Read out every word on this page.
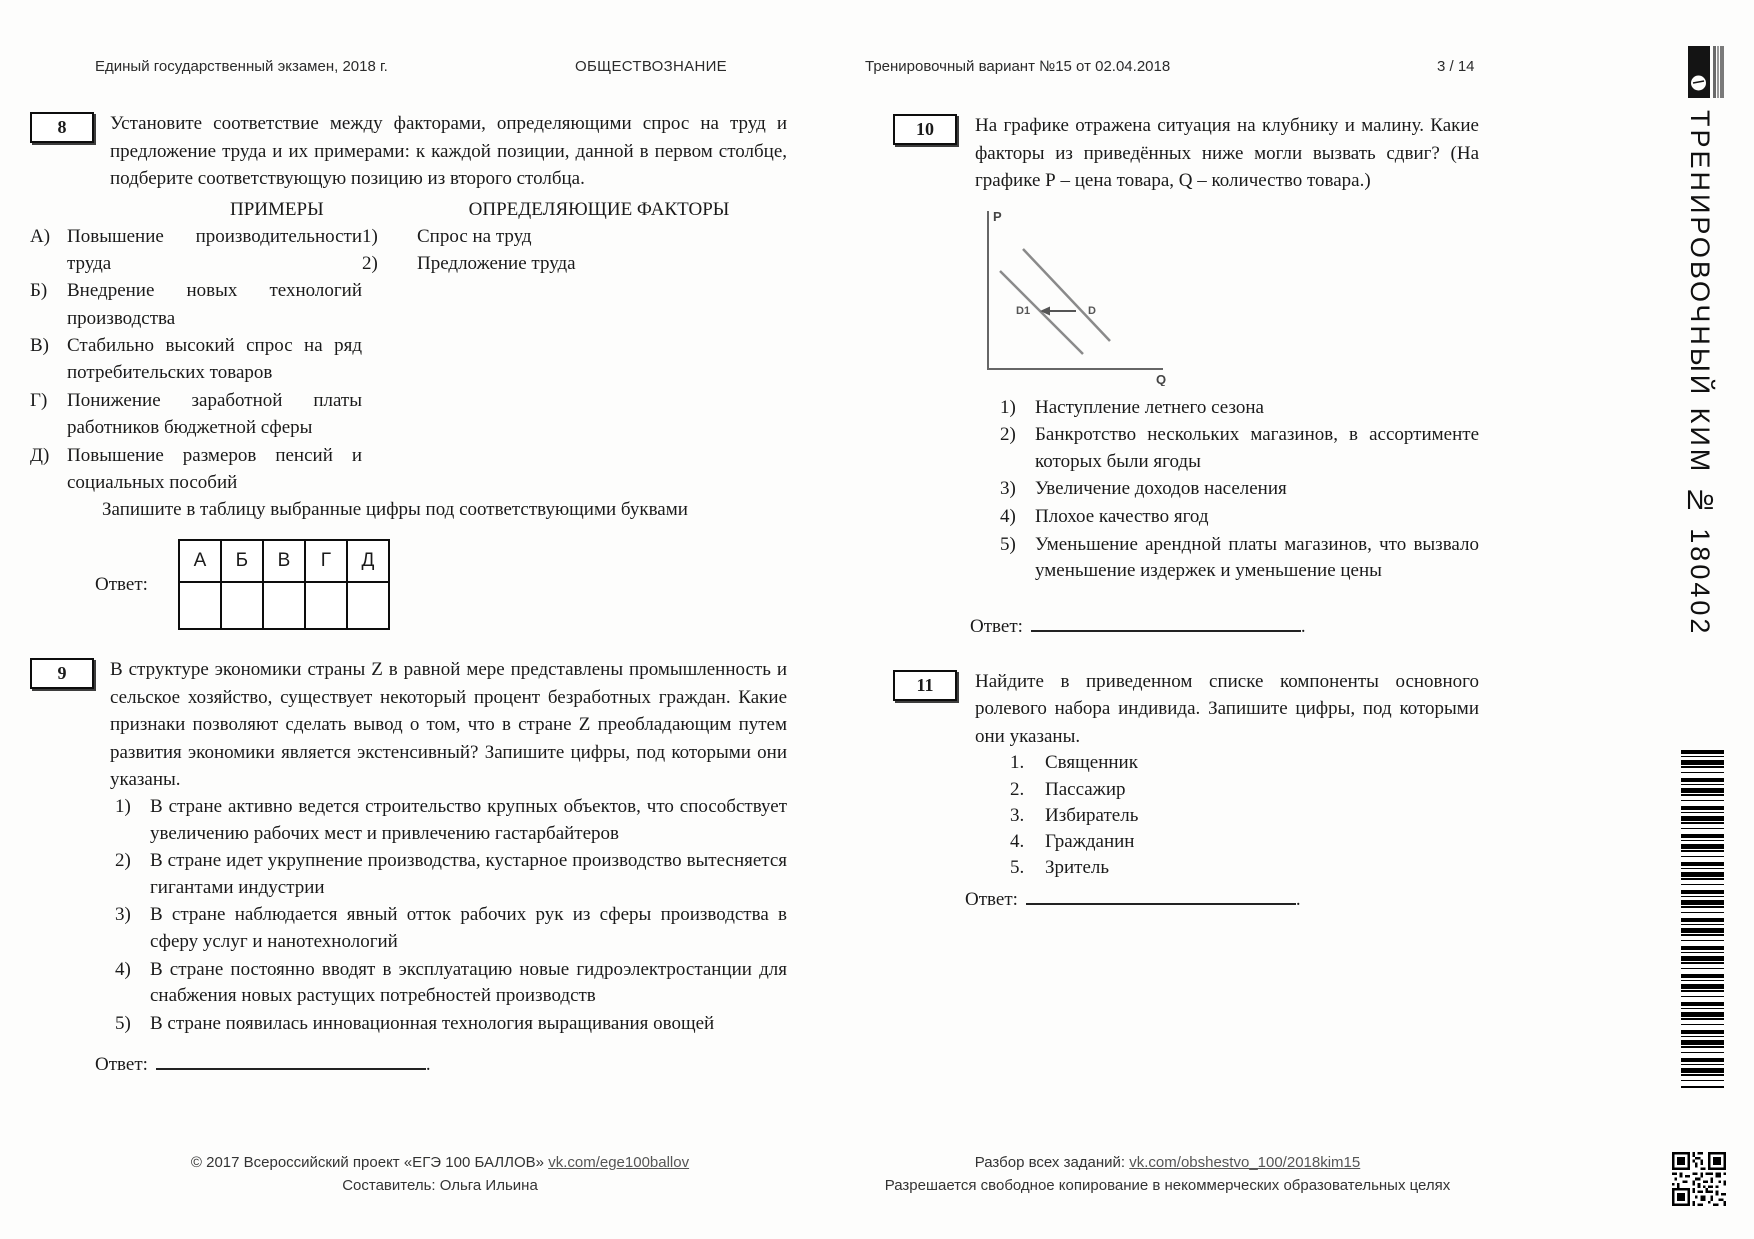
Единый государственный экзамен, 2018 г.	ОБЩЕСТВОЗНАНИЕ	Тренировочный вариант №15 от 02.04.2018	3 / 14
8 Установите соответствие между факторами, определяющими спрос на труд и предложение труда и их примерами: к каждой позиции, данной в первом столбце, подберите соответствующую позицию из второго столбца.

ПРИМЕРЫ	ОПРЕДЕЛЯЮЩИЕ ФАКТОРЫ
А) Повышение производительности труда
Б)	Внедрение новых технологий производства
В) Стабильно высокий спрос на ряд потребительских товаров
Г)	Понижение заработной платы работников бюджетной сферы
Д) Повышение размеров пенсий и социальных пособий
1)	Спрос на труд
2)	Предложение труда

Запишите в таблицу выбранные цифры под соответствующими буквами

Ответ:
А	Б	В	Г	Д

9 В структуре экономики страны Z в равной мере представлены промышленность и сельское хозяйство, существует некоторый процент безработных граждан. Какие признаки позволяют сделать вывод о том, что в стране Z преобладающим путем развития экономики является экстенсивный? Запишите цифры, под которыми они указаны.

1)	В стране активно ведется строительство крупных объектов, что способствует увеличению рабочих мест и привлечению гастарбайтеров
2)	В стране идет укрупнение производства, кустарное производство вытесняется гигантами индустрии
3)	В стране наблюдается явный отток рабочих рук из сферы производства в сферу услуг и нанотехнологий
4)	В стране постоянно вводят в эксплуатацию новые гидроэлектростанции для снабжения новых растущих потребностей производств
5)	В стране появилась инновационная технология выращивания овощей
Ответ:	.
10 На графике отражена ситуация на клубнику и малину. Какие факторы из приведённых ниже могли вызвать сдвиг? (На графике Р – цена товара, Q – количество товара.)

P
Q
D1	D
1)	Наступление летнего сезона
2)	Банкротство нескольких магазинов, в ассортименте которых были ягоды
3)	Увеличение доходов населения
4)	Плохое качество ягод
5)	Уменьшение арендной платы магазинов, что вызвало уменьшение издержек и уменьшение цены
Ответ:	.
11 Найдите в приведенном списке компоненты основного ролевого набора индивида. Запишите цифры, под которыми они указаны.

1.	Священник
2.	Пассажир
3.	Избиратель
4.	Гражданин
5.	Зритель
Ответ:	.
ТРЕНИРОВОЧНЫЙ КИМ № 180402
© 2017 Всероссийский проект «ЕГЭ 100 БАЛЛОВ» vk.com/ege100ballov
Составитель: Ольга Ильина
Разбор всех заданий: vk.com/obshestvo_100/2018kim15
Разрешается свободное копирование в некоммерческих образовательных целях
